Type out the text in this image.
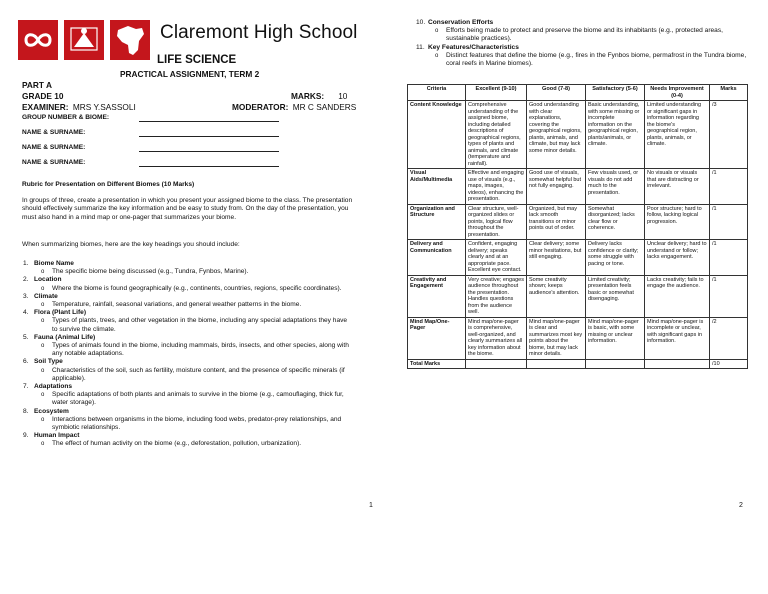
Claremont High School
LIFE SCIENCE
PRACTICAL ASSIGNMENT, TERM 2
PART A
GRADE 10	MARKS: 10
EXAMINER: MRS Y.SASSOLI	MODERATOR: MR C SANDERS
GROUP NUMBER & BIOME:
NAME & SURNAME:
NAME & SURNAME:
NAME & SURNAME:
Rubric for Presentation on Different Biomes (10 Marks)
In groups of three, create a presentation in which you present your assigned biome to the class. The presentation should effectively summarize the key information and be easy to study from. On the day of the presentation, you must also hand in a mind map or one-pager that summarizes your biome.
When summarizing biomes, here are the key headings you should include:
1. Biome Name
o The specific biome being discussed (e.g., Tundra, Fynbos, Marine).
2. Location
o Where the biome is found geographically (e.g., continents, countries, regions, specific coordinates).
3. Climate
o Temperature, rainfall, seasonal variations, and general weather patterns in the biome.
4. Flora (Plant Life)
o Types of plants, trees, and other vegetation in the biome, including any special adaptations they have to survive the climate.
5. Fauna (Animal Life)
o Types of animals found in the biome, including mammals, birds, insects, and other species, along with any notable adaptations.
6. Soil Type
o Characteristics of the soil, such as fertility, moisture content, and the presence of specific minerals (if applicable).
7. Adaptations
o Specific adaptations of both plants and animals to survive in the biome (e.g., camouflaging, thick fur, water storage).
8. Ecosystem
o Interactions between organisms in the biome, including food webs, predator-prey relationships, and symbiotic relationships.
9. Human Impact
o The effect of human activity on the biome (e.g., deforestation, pollution, urbanization).
1
10. Conservation Efforts
o Efforts being made to protect and preserve the biome and its inhabitants (e.g., protected areas, sustainable practices).
11. Key Features/Characteristics
o Distinct features that define the biome (e.g., fires in the Fynbos biome, permafrost in the Tundra biome, coral reefs in Marine biomes).
Criteria	Excellent (9-10)	Good (7-8)	Satisfactory (5-6)	Needs Improvement (0-4)	Marks
Content Knowledge	Comprehensive understanding of the assigned biome, including detailed descriptions of geographical regions, types of plants and animals, and climate (temperature and rainfall).	Good understanding with clear explanations, covering the geographical regions, plants, animals, and climate, but may lack some minor details.	Basic understanding, with some missing or incomplete information on the geographical region, plants/animals, or climate.	Limited understanding or significant gaps in information regarding the biome's geographical region, plants, animals, or climate.	/3
Visual Aids/Multimedia	Effective and engaging use of visuals (e.g., maps, images, videos), enhancing the presentation.	Good use of visuals, somewhat helpful but not fully engaging.	Few visuals used, or visuals do not add much to the presentation.	No visuals or visuals that are distracting or irrelevant.	/1
Organization and Structure	Clear structure, well-organized slides or points, logical flow throughout the presentation.	Organized, but may lack smooth transitions or minor points out of order.	Somewhat disorganized; lacks clear flow or coherence.	Poor structure; hard to follow, lacking logical progression.	/1
Delivery and Communication	Confident, engaging delivery; speaks clearly and at an appropriate pace. Excellent eye contact.	Clear delivery; some minor hesitations, but still engaging.	Delivery lacks confidence or clarity; some struggle with pacing or tone.	Unclear delivery; hard to understand or follow; lacks engagement.	/1
Creativity and Engagement	Very creative; engages audience throughout the presentation. Handles questions from the audience well.	Some creativity shown; keeps audience's attention.	Limited creativity; presentation feels basic or somewhat disengaging.	Lacks creativity; fails to engage the audience.	/1
Mind Map/One-Pager	Mind map/one-pager is comprehensive, well-organized, and clearly summarizes all key information about the biome.	Mind map/one-pager is clear and summarizes most key points about the biome, but may lack minor details.	Mind map/one-pager is basic, with some missing or unclear information.	Mind map/one-pager is incomplete or unclear, with significant gaps in information.	/2
Total Marks					/10
2
